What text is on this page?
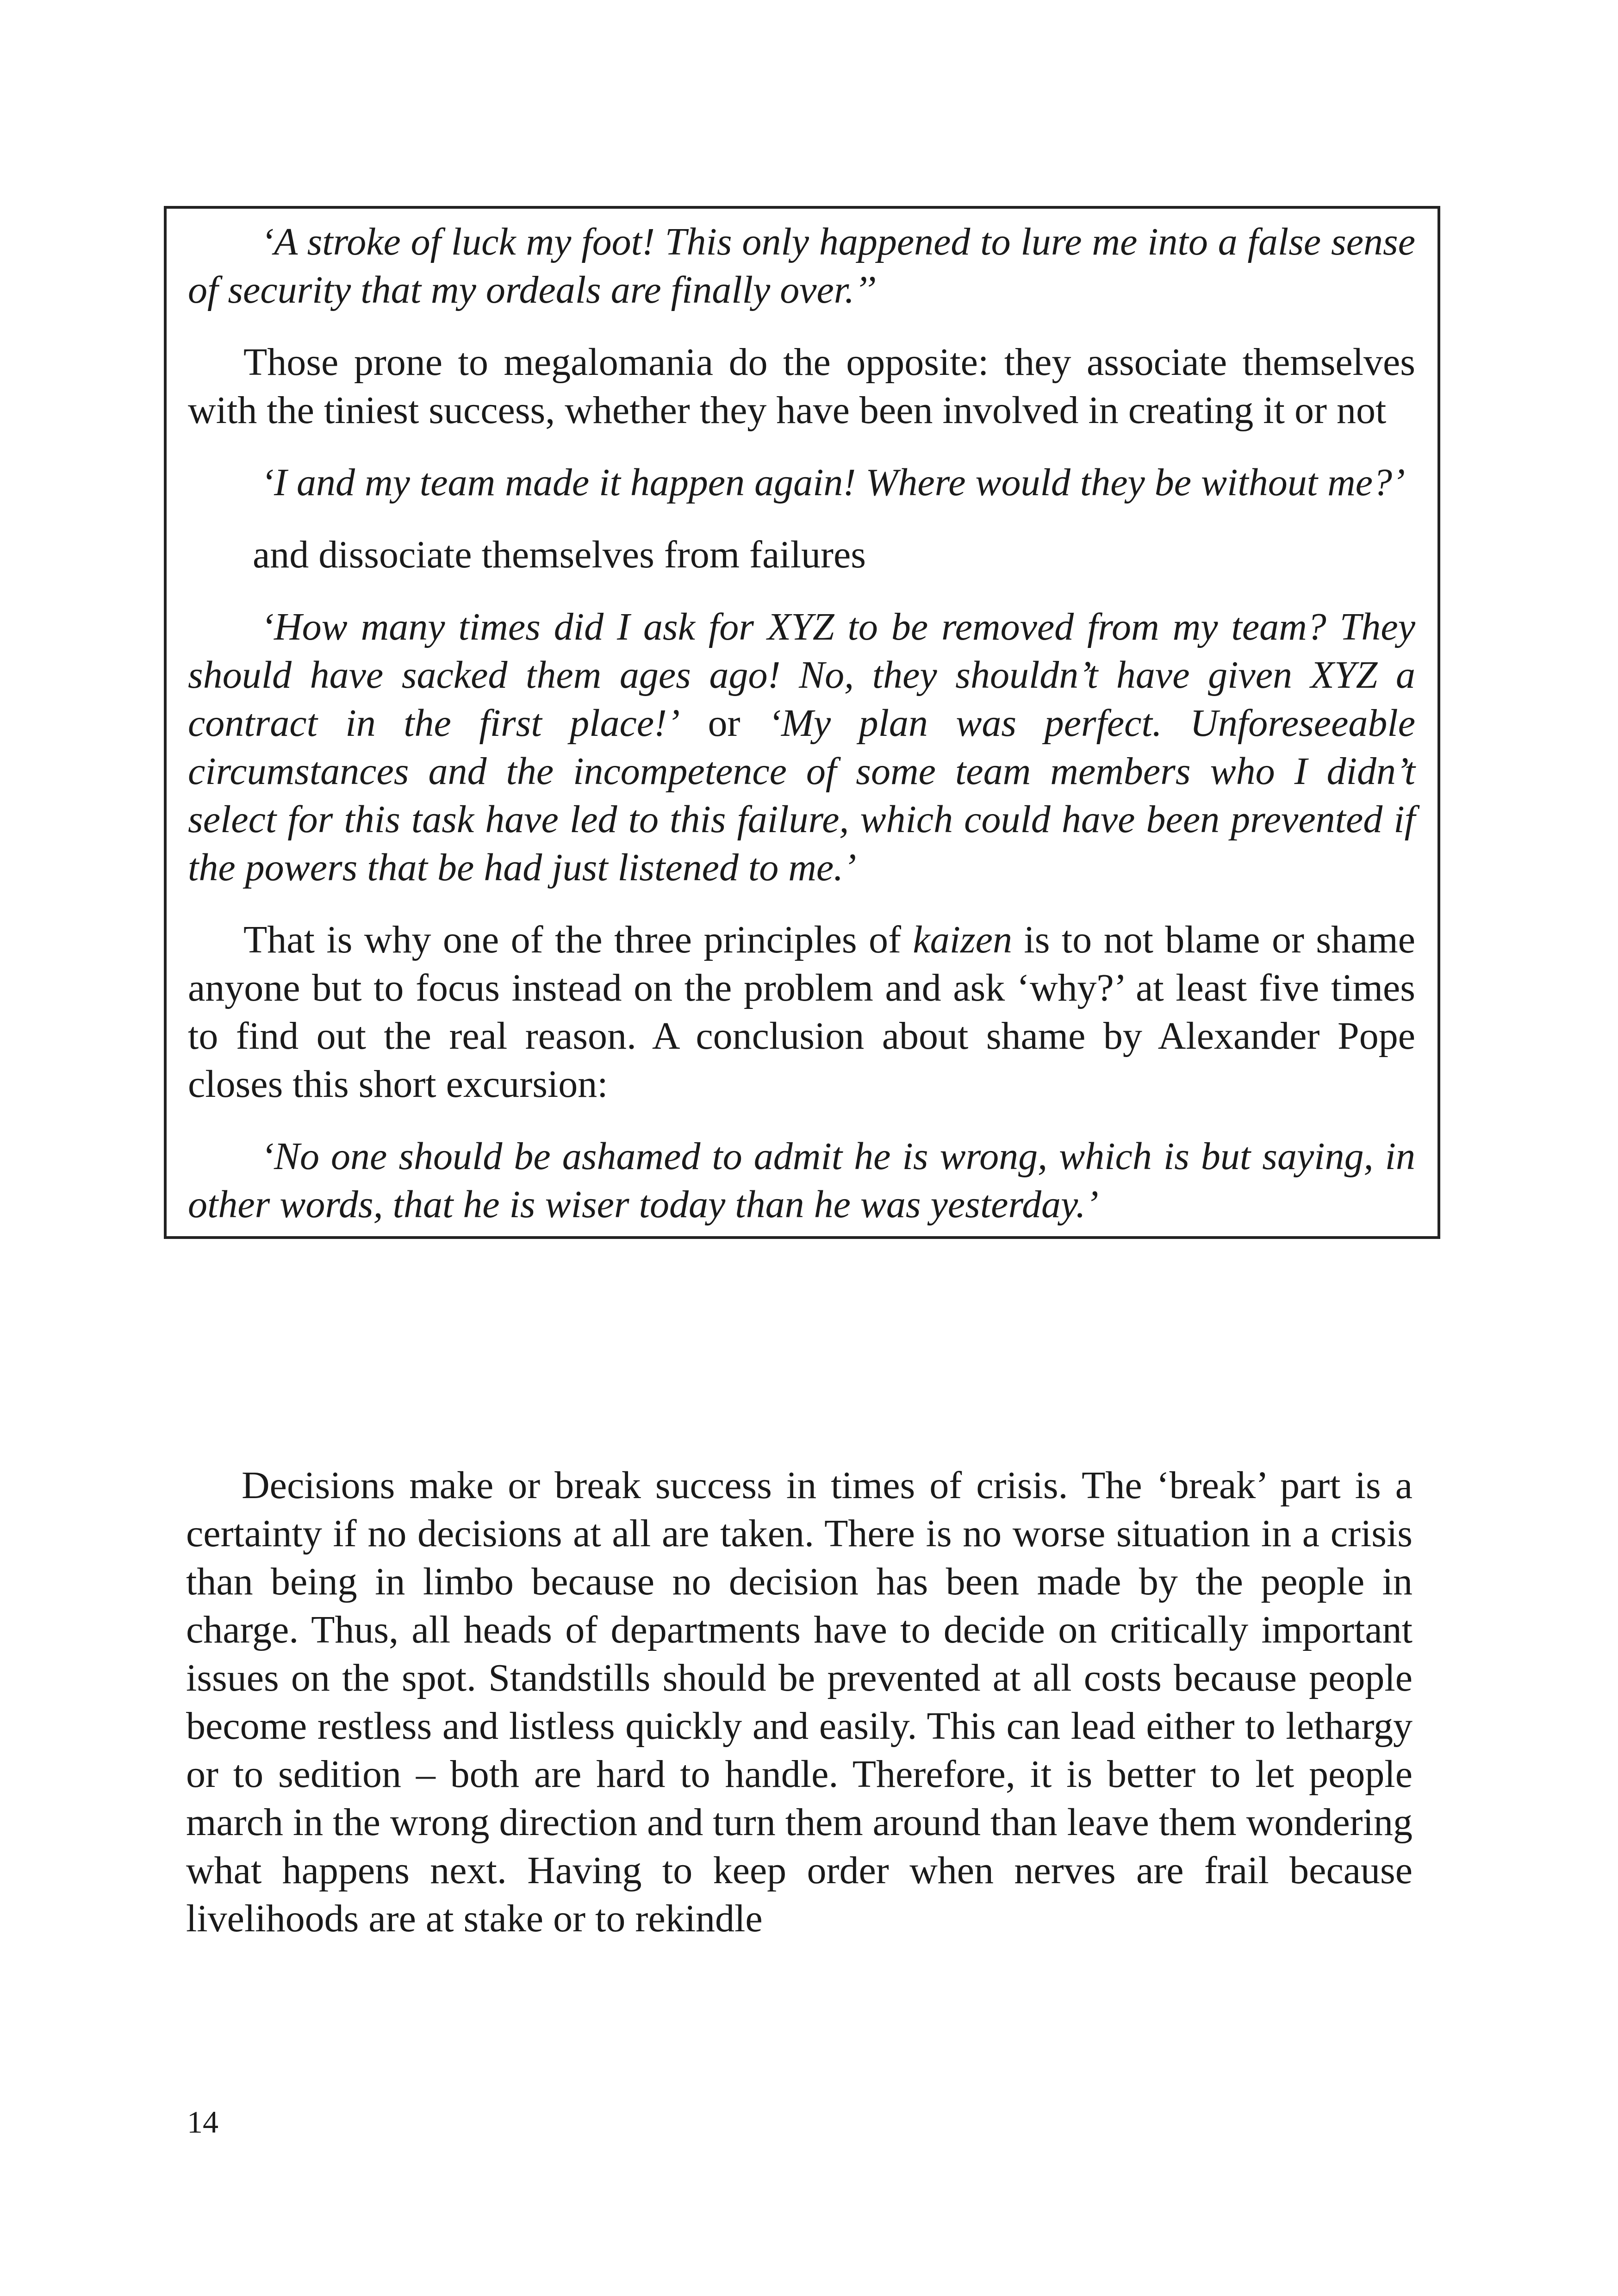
‘A stroke of luck my foot! This only happened to lure me into a false sense of security that my ordeals are finally over.’’

Those prone to megalomania do the opposite: they associate themselves with the tiniest success, whether they have been involved in creating it or not

‘I and my team made it happen again! Where would they be without me?’

and dissociate themselves from failures

‘How many times did I ask for XYZ to be removed from my team? They should have sacked them ages ago! No, they shouldn’t have given XYZ a contract in the first place!’ or ‘My plan was perfect. Unforeseeable circumstances and the incompetence of some team members who I didn’t select for this task have led to this failure, which could have been prevented if the powers that be had just listened to me.’

That is why one of the three principles of kaizen is to not blame or shame anyone but to focus instead on the problem and ask ‘why?’ at least five times to find out the real reason. A conclusion about shame by Alexander Pope closes this short excursion:

‘No one should be ashamed to admit he is wrong, which is but saying, in other words, that he is wiser today than he was yesterday.’

Decisions make or break success in times of crisis. The ‘break’ part is a certainty if no decisions at all are taken. There is no worse situation in a crisis than being in limbo because no decision has been made by the people in charge. Thus, all heads of departments have to decide on critically important issues on the spot. Standstills should be prevented at all costs because people become restless and listless quickly and easily. This can lead either to lethargy or to sedition – both are hard to handle. Therefore, it is better to let people march in the wrong direction and turn them around than leave them wondering what happens next. Having to keep order when nerves are frail because livelihoods are at stake or to rekindle

14
